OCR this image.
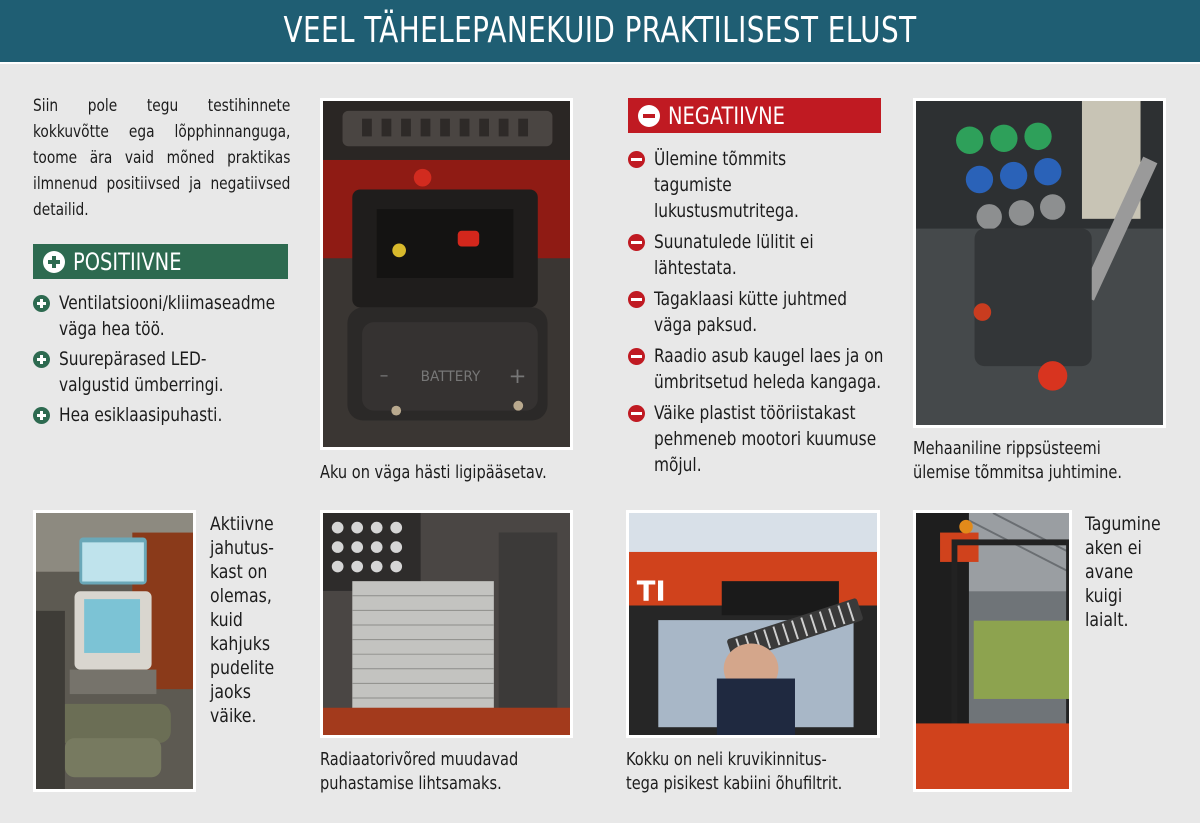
VEEL TÄHELEPANEKUID PRAKTILISEST ELUST

Siin pole tegu testihinnete kokkuvõtte ega lõpphinnanguga, toome ära vaid mõned praktikas ilmnenud positiivsed ja negatiivsed detailid.

POSITIIVNE
Ventilatsiooni/kliimaseadme väga hea töö.
Suurepärased LED-valgustid ümberringi.
Hea esiklaasipuhasti.
NEGATIIVNE
Ülemine tõmmits tagumiste lukustusmutritega.
Suunatulede lülitit ei lähtestata.
Tagaklaasi kütte juhtmed väga paksud.
Raadio asub kaugel laes ja on ümbritsetud heleda kangaga.
Väike plastist tööriistakast pehmeneb mootori kuumuse mõjul.
BATTERY
–	+
Aku on väga hästi ligipääsetav.
Mehaaniline rippsüsteemi
ülemise tõmmitsa juhtimine.
Aktiivne
jahutus-
kast on
olemas,
kuid
kahjuks
pudelite
jaoks
väike.
Radiaatorivõred muudavad
puhastamise lihtsamaks.
TI
Kokku on neli kruvikinnitus-
tega pisikest kabiini õhufiltrit.
Tagumine
aken ei
avane
kuigi
laialt.
